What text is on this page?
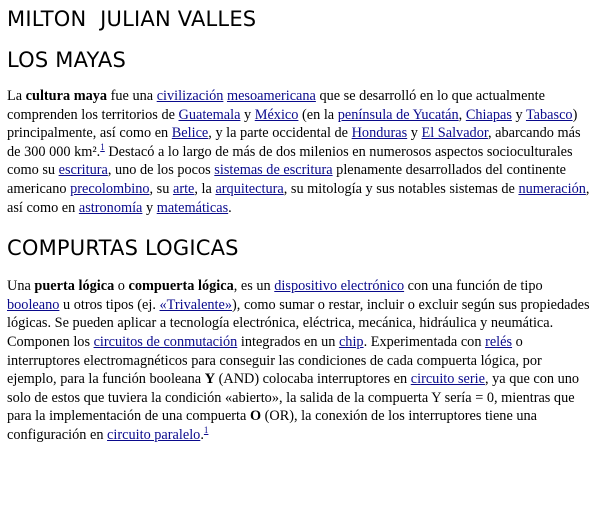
MILTON  JULIAN VALLES
LOS MAYAS

La cultura maya fue una civilización mesoamericana que se desarrolló en lo que actualmente comprenden los territorios de Guatemala y México (en la península de Yucatán, Chiapas y Tabasco) principalmente, así como en Belice, y la parte occidental de Honduras y El Salvador, abarcando más de 300 000 km².$^1$ Destacó a lo largo de más de dos milenios en numerosos aspectos socioculturales como su escritura, uno de los pocos sistemas de escritura plenamente desarrollados del continente americano precolombino, su arte, la arquitectura, su mitología y sus notables sistemas de numeración, así como en astronomía y matemáticas.

COMPURTAS LOGICAS

Una puerta lógica o compuerta lógica, es un dispositivo electrónico con una función de tipo booleano u otros tipos (ej. «Trivalente»), como sumar o restar, incluir o excluir según sus propiedades lógicas. Se pueden aplicar a tecnología electrónica, eléctrica, mecánica, hidráulica y neumática. Componen los circuitos de conmutación integrados en un chip. Experimentada con relés o interruptores electromagnéticos para conseguir las condiciones de cada compuerta lógica, por ejemplo, para la función booleana Y (AND) colocaba interruptores en circuito serie, ya que con uno solo de estos que tuviera la condición «abierto», la salida de la compuerta Y sería = 0, mientras que para la implementación de una compuerta O (OR), la conexión de los interruptores tiene una configuración en circuito paralelo.$^1$
